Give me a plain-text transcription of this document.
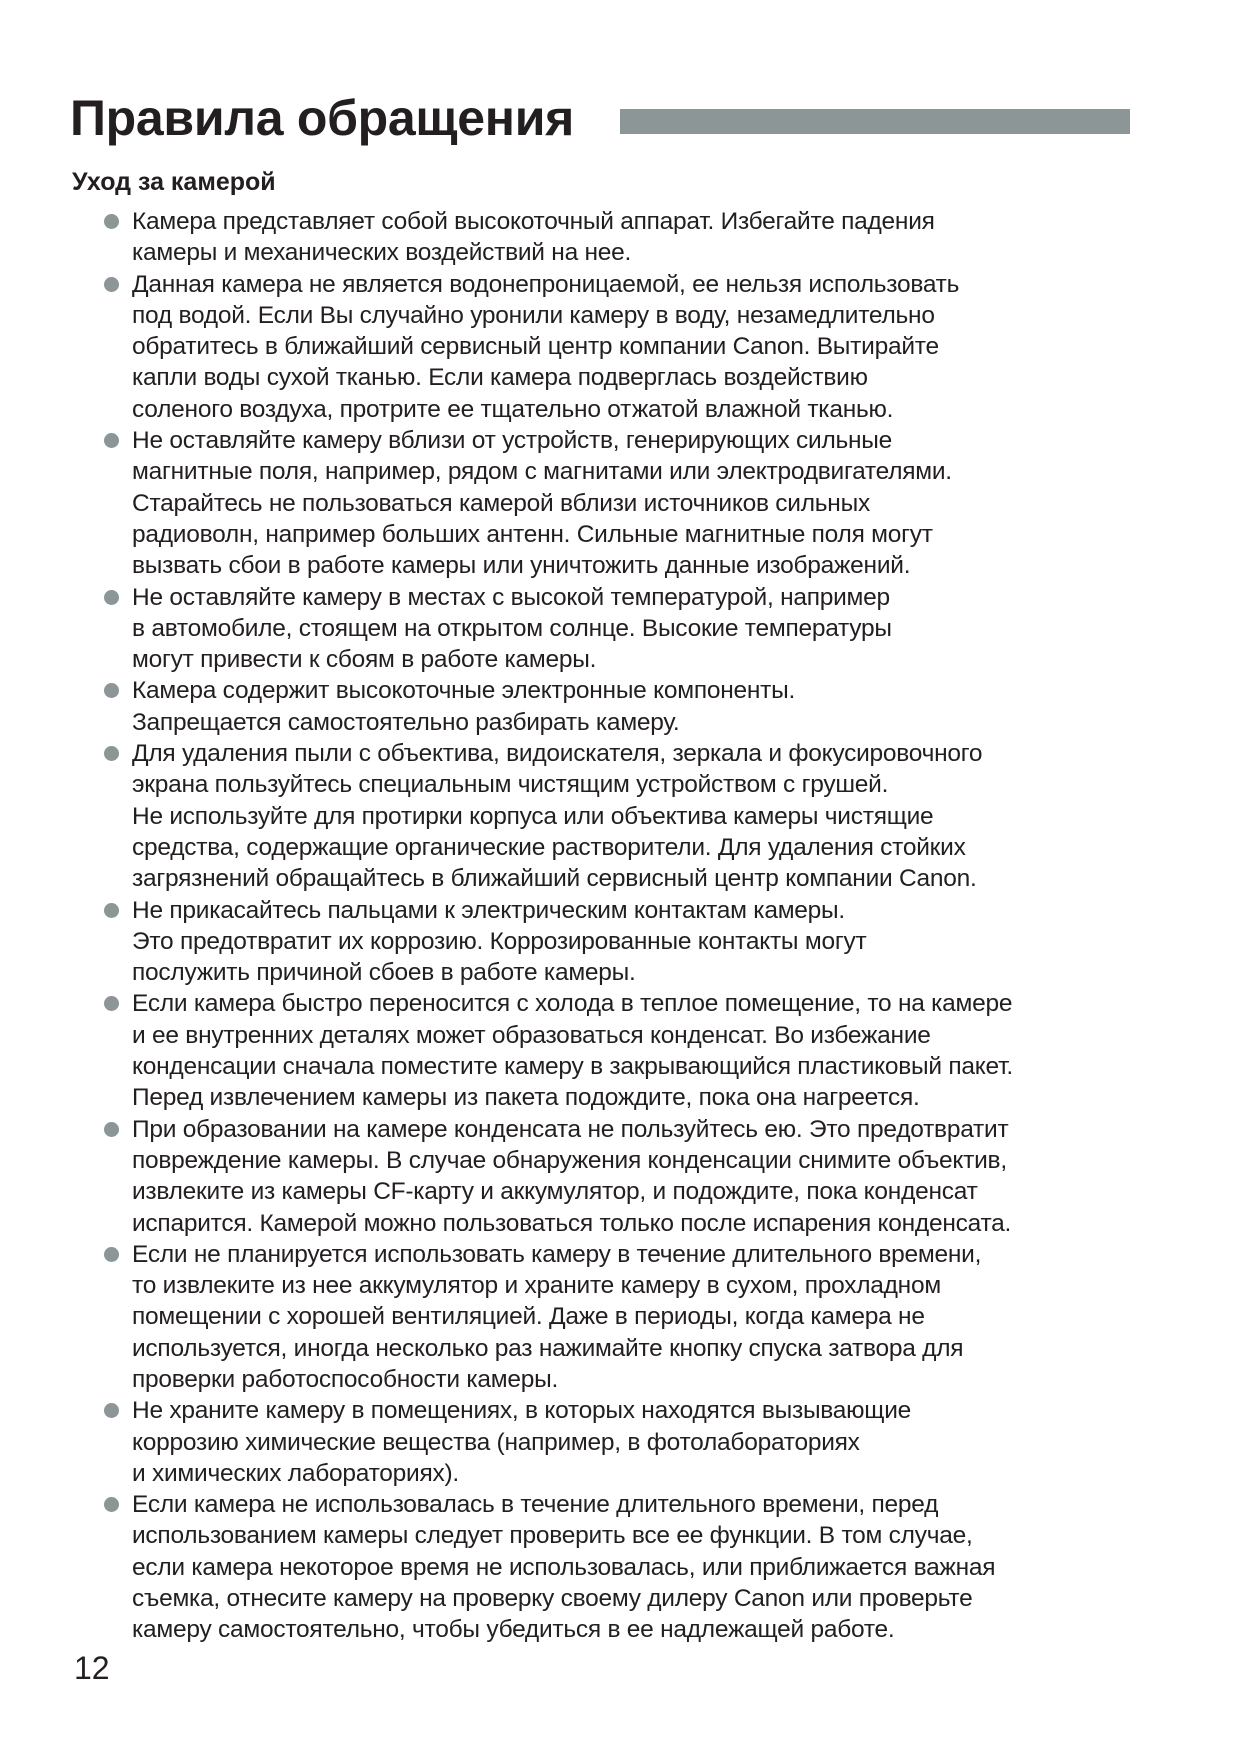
Правила обращения
Уход за камерой
Камера представляет собой высокоточный аппарат. Избегайте падения
камеры и механических воздействий на нее.
Данная камера не является водонепроницаемой, ее нельзя использовать
под водой. Если Вы случайно уронили камеру в воду, незамедлительно
обратитесь в ближайший сервисный центр компании Canon. Вытирайте
капли воды сухой тканью. Если камера подверглась воздействию
соленого воздуха, протрите ее тщательно отжатой влажной тканью.
Не оставляйте камеру вблизи от устройств, генерирующих сильные
магнитные поля, например, рядом с магнитами или электродвигателями.
Старайтесь не пользоваться камерой вблизи источников сильных
радиоволн, например больших антенн. Сильные магнитные поля могут
вызвать сбои в работе камеры или уничтожить данные изображений.
Не оставляйте камеру в местах с высокой температурой, например
в автомобиле, стоящем на открытом солнце. Высокие температуры
могут привести к сбоям в работе камеры.
Камера содержит высокоточные электронные компоненты.
Запрещается самостоятельно разбирать камеру.
Для удаления пыли с объектива, видоискателя, зеркала и фокусировочного
экрана пользуйтесь специальным чистящим устройством с грушей.
Не используйте для протирки корпуса или объектива камеры чистящие
средства, содержащие органические растворители. Для удаления стойких
загрязнений обращайтесь в ближайший сервисный центр компании Canon.
Не прикасайтесь пальцами к электрическим контактам камеры.
Это предотвратит их коррозию. Коррозированные контакты могут
послужить причиной сбоев в работе камеры.
Если камера быстро переносится с холода в теплое помещение, то на камере
и ее внутренних деталях может образоваться конденсат. Во избежание
конденсации сначала поместите камеру в закрывающийся пластиковый пакет.
Перед извлечением камеры из пакета подождите, пока она нагреется.
При образовании на камере конденсата не пользуйтесь ею. Это предотвратит
повреждение камеры. В случае обнаружения конденсации снимите объектив,
извлеките из камеры CF-карту и аккумулятор, и подождите, пока конденсат
испарится. Камерой можно пользоваться только после испарения конденсата.
Если не планируется использовать камеру в течение длительного времени,
то извлеките из нее аккумулятор и храните камеру в сухом, прохладном
помещении с хорошей вентиляцией. Даже в периоды, когда камера не
используется, иногда несколько раз нажимайте кнопку спуска затвора для
проверки работоспособности камеры.
Не храните камеру в помещениях, в которых находятся вызывающие
коррозию химические вещества (например, в фотолабораториях
и химических лабораториях).
Если камера не использовалась в течение длительного времени, перед
использованием камеры следует проверить все ее функции. В том случае,
если камера некоторое время не использовалась, или приближается важная
съемка, отнесите камеру на проверку своему дилеру Canon или проверьте
камеру самостоятельно, чтобы убедиться в ее надлежащей работе.
12
